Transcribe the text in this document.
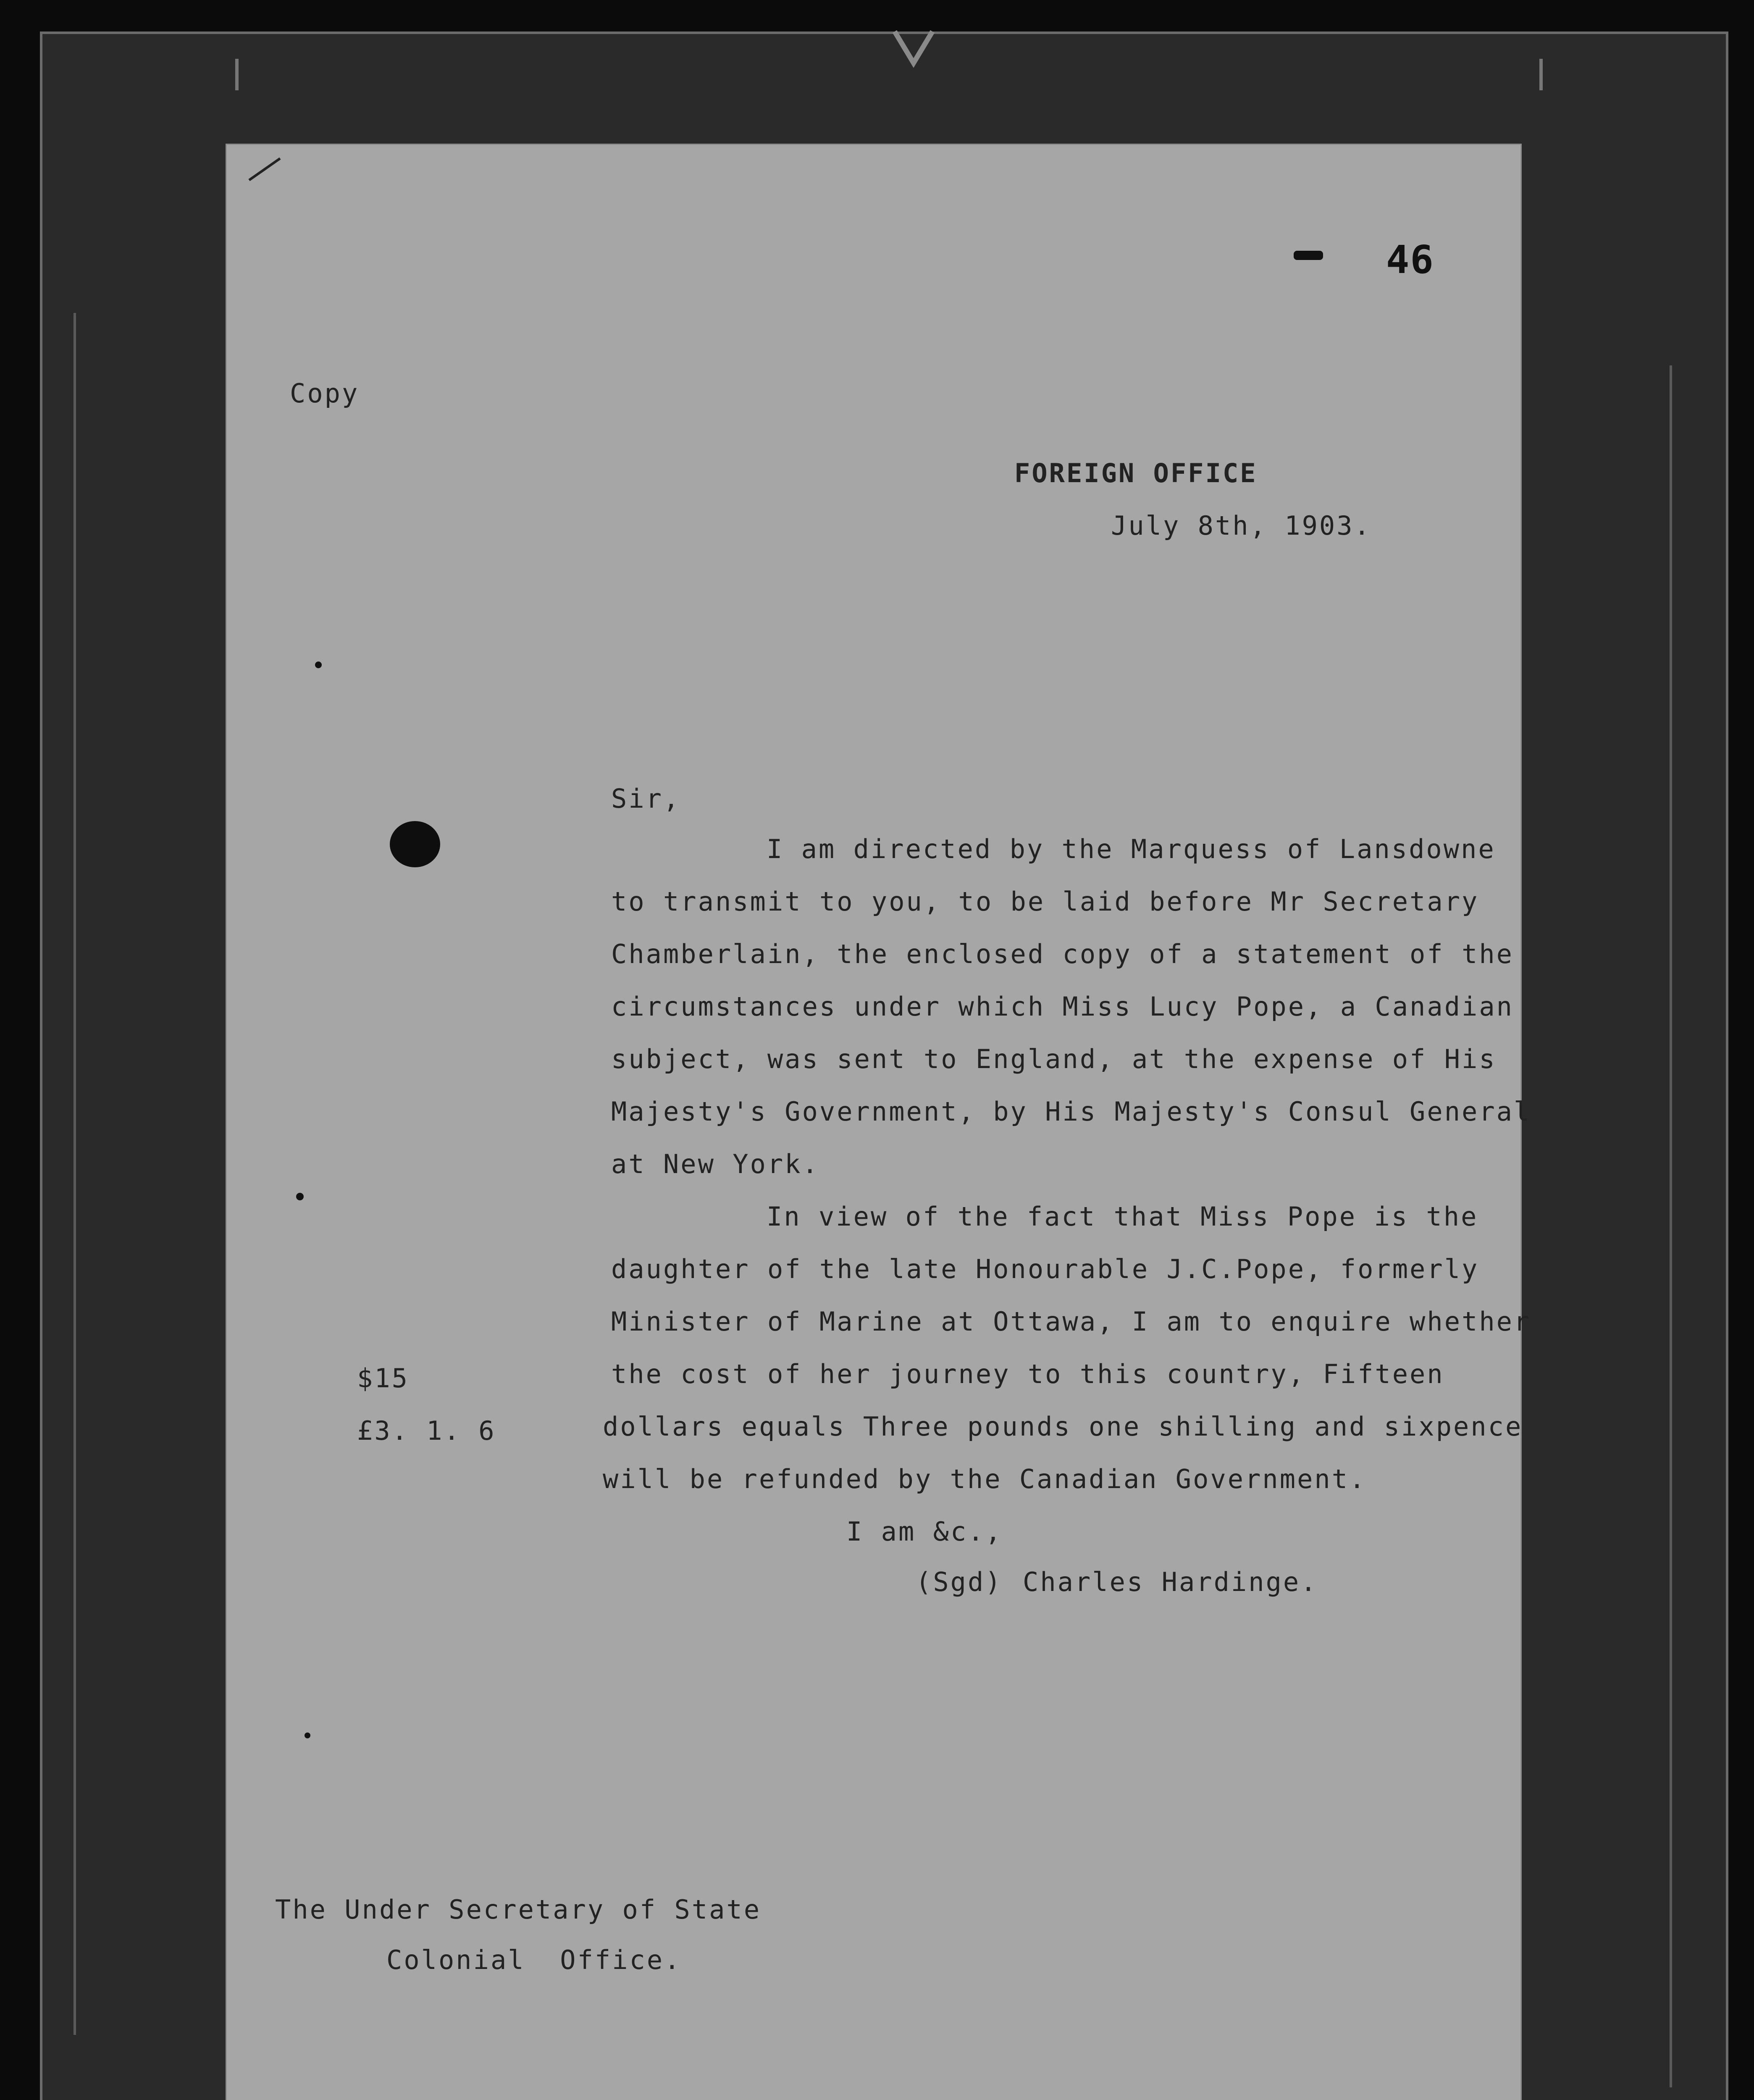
46
Copy
FOREIGN OFFICE
July 8th, 1903.
Sir,
I am directed by the Marquess of Lansdowne
to transmit to you, to be laid before Mr Secretary
Chamberlain, the enclosed copy of a statement of the
circumstances under which Miss Lucy Pope, a Canadian
subject, was sent to England, at the expense of His
Majesty's Government, by His Majesty's Consul General
at New York.
In view of the fact that Miss Pope is the
daughter of the late Honourable J.C.Pope, formerly
Minister of Marine at Ottawa, I am to enquire whether
the cost of her journey to this country, Fifteen
dollars equals Three pounds one shilling and sixpence
will be refunded by the Canadian Government.
$15
£3. 1. 6
I am &c.,
(Sgd) Charles Hardinge.
The Under Secretary of State
Colonial  Office.
